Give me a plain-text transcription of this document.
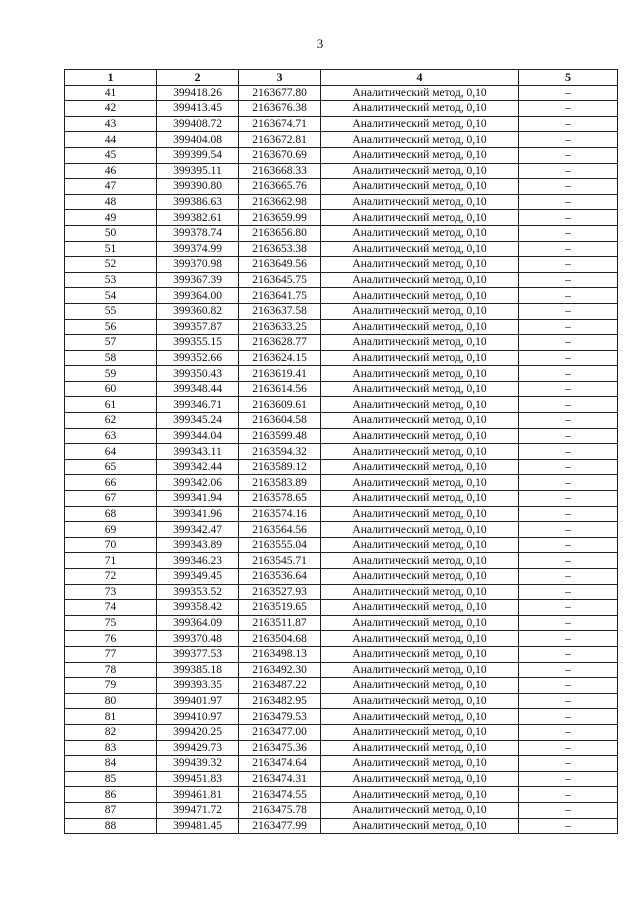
3
1	2	3	4	5
41	399418.26	2163677.80	Аналитический метод, 0,10	–
42	399413.45	2163676.38	Аналитический метод, 0,10	–
43	399408.72	2163674.71	Аналитический метод, 0,10	–
44	399404.08	2163672.81	Аналитический метод, 0,10	–
45	399399.54	2163670.69	Аналитический метод, 0,10	–
46	399395.11	2163668.33	Аналитический метод, 0,10	–
47	399390.80	2163665.76	Аналитический метод, 0,10	–
48	399386.63	2163662.98	Аналитический метод, 0,10	–
49	399382.61	2163659.99	Аналитический метод, 0,10	–
50	399378.74	2163656.80	Аналитический метод, 0,10	–
51	399374.99	2163653.38	Аналитический метод, 0,10	–
52	399370.98	2163649.56	Аналитический метод, 0,10	–
53	399367.39	2163645.75	Аналитический метод, 0,10	–
54	399364.00	2163641.75	Аналитический метод, 0,10	–
55	399360.82	2163637.58	Аналитический метод, 0,10	–
56	399357.87	2163633.25	Аналитический метод, 0,10	–
57	399355.15	2163628.77	Аналитический метод, 0,10	–
58	399352.66	2163624.15	Аналитический метод, 0,10	–
59	399350.43	2163619.41	Аналитический метод, 0,10	–
60	399348.44	2163614.56	Аналитический метод, 0,10	–
61	399346.71	2163609.61	Аналитический метод, 0,10	–
62	399345.24	2163604.58	Аналитический метод, 0,10	–
63	399344.04	2163599.48	Аналитический метод, 0,10	–
64	399343.11	2163594.32	Аналитический метод, 0,10	–
65	399342.44	2163589.12	Аналитический метод, 0,10	–
66	399342.06	2163583.89	Аналитический метод, 0,10	–
67	399341.94	2163578.65	Аналитический метод, 0,10	–
68	399341.96	2163574.16	Аналитический метод, 0,10	–
69	399342.47	2163564.56	Аналитический метод, 0,10	–
70	399343.89	2163555.04	Аналитический метод, 0,10	–
71	399346.23	2163545.71	Аналитический метод, 0,10	–
72	399349.45	2163536.64	Аналитический метод, 0,10	–
73	399353.52	2163527.93	Аналитический метод, 0,10	–
74	399358.42	2163519.65	Аналитический метод, 0,10	–
75	399364.09	2163511.87	Аналитический метод, 0,10	–
76	399370.48	2163504.68	Аналитический метод, 0,10	–
77	399377.53	2163498.13	Аналитический метод, 0,10	–
78	399385.18	2163492.30	Аналитический метод, 0,10	–
79	399393.35	2163487.22	Аналитический метод, 0,10	–
80	399401.97	2163482.95	Аналитический метод, 0,10	–
81	399410.97	2163479.53	Аналитический метод, 0,10	–
82	399420.25	2163477.00	Аналитический метод, 0,10	–
83	399429.73	2163475.36	Аналитический метод, 0,10	–
84	399439.32	2163474.64	Аналитический метод, 0,10	–
85	399451.83	2163474.31	Аналитический метод, 0,10	–
86	399461.81	2163474.55	Аналитический метод, 0,10	–
87	399471.72	2163475.78	Аналитический метод, 0,10	–
88	399481.45	2163477.99	Аналитический метод, 0,10	–
